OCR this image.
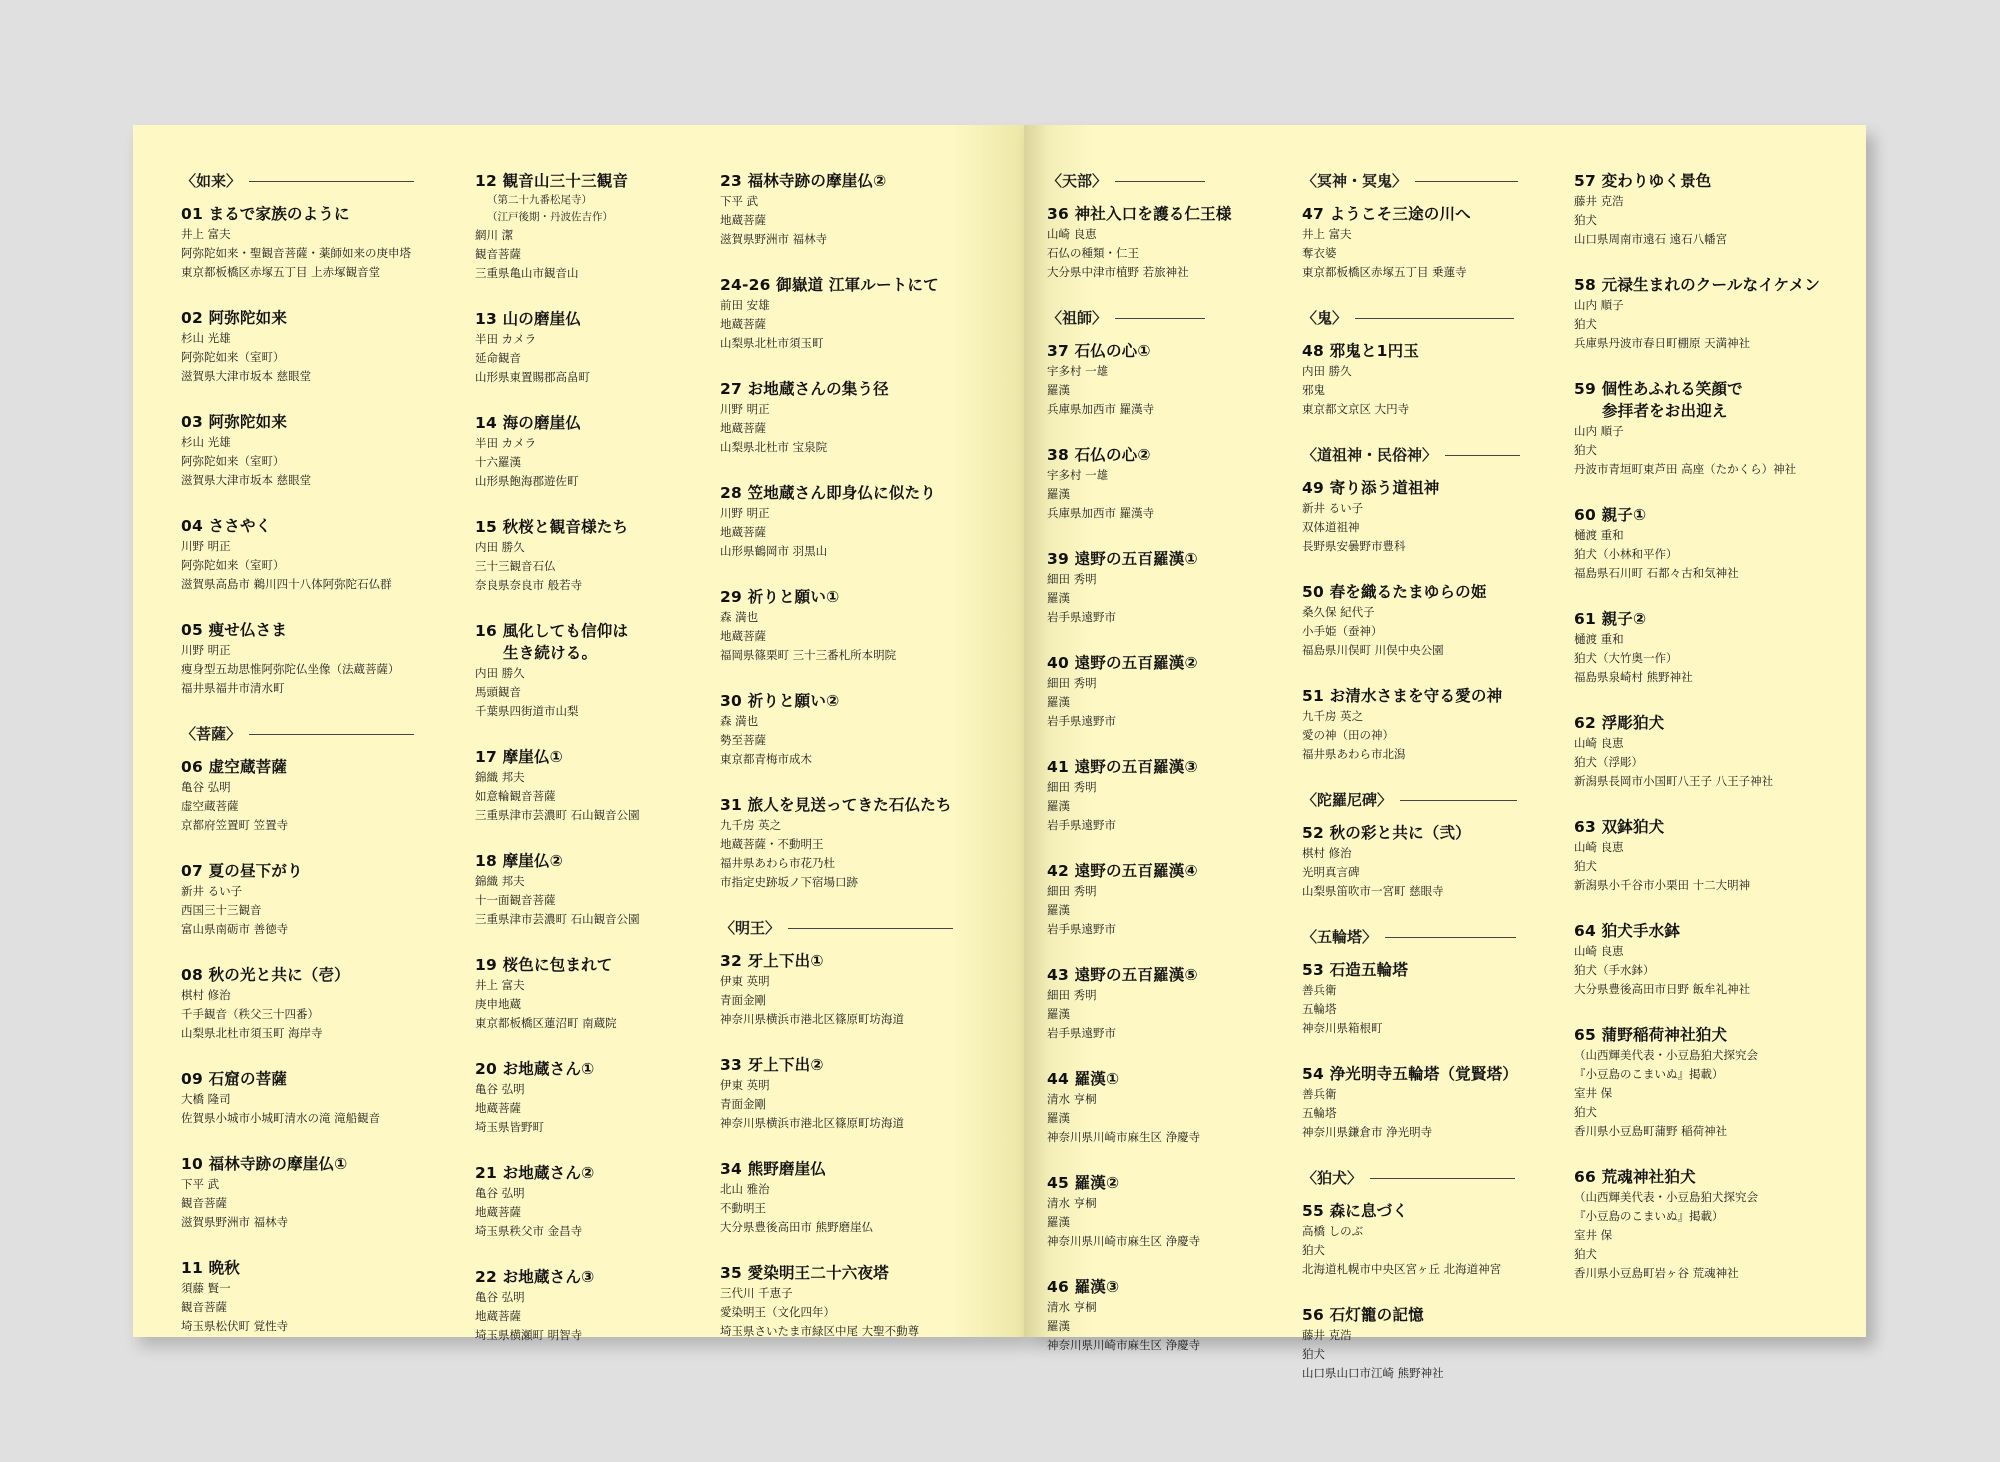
〈如来〉
01 まるで家族のように
井上 富夫
阿弥陀如来・聖観音菩薩・薬師如来の庚申塔
東京都板橋区赤塚五丁目 上赤塚観音堂
02 阿弥陀如来
杉山 光雄
阿弥陀如来（室町）
滋賀県大津市坂本 慈眼堂
03 阿弥陀如来
杉山 光雄
阿弥陀如来（室町）
滋賀県大津市坂本 慈眼堂
04 ささやく
川野 明正
阿弥陀如来（室町）
滋賀県高島市 鵜川四十八体阿弥陀石仏群
05 痩せ仏さま
川野 明正
痩身型五劫思惟阿弥陀仏坐像（法蔵菩薩）
福井県福井市清水町
〈菩薩〉
06 虚空蔵菩薩
亀谷 弘明
虚空蔵菩薩
京都府笠置町 笠置寺
07 夏の昼下がり
新井 るい子
西国三十三観音
富山県南砺市 善徳寺
08 秋の光と共に（壱）
棋村 修治
千手観音（秩父三十四番）
山梨県北杜市須玉町 海岸寺
09 石窟の菩薩
大橋 隆司
佐賀県小城市小城町清水の滝 滝船観音
10 福林寺跡の摩崖仏①
下平 武
観音菩薩
滋賀県野洲市 福林寺
11 晩秋
須藤 賢一
観音菩薩
埼玉県松伏町 覚性寺
12 観音山三十三観音
（第二十九番松尾寺）
（江戸後期・丹波佐吉作）
網川 潔
観音菩薩
三重県亀山市観音山
13 山の磨崖仏
半田 カメラ
延命観音
山形県東置賜郡高畠町
14 海の磨崖仏
半田 カメラ
十六羅漢
山形県飽海郡遊佐町
15 秋桜と観音様たち
内田 勝久
三十三観音石仏
奈良県奈良市 般若寺
16 風化しても信仰は
生き続ける。
内田 勝久
馬頭観音
千葉県四街道市山梨
17 摩崖仏①
錦織 邦夫
如意輪観音菩薩
三重県津市芸濃町 石山観音公園
18 摩崖仏②
錦織 邦夫
十一面観音菩薩
三重県津市芸濃町 石山観音公園
19 桜色に包まれて
井上 富夫
庚申地蔵
東京都板橋区蓮沼町 南蔵院
20 お地蔵さん①
亀谷 弘明
地蔵菩薩
埼玉県皆野町
21 お地蔵さん②
亀谷 弘明
地蔵菩薩
埼玉県秩父市 金昌寺
22 お地蔵さん③
亀谷 弘明
地蔵菩薩
埼玉県横瀬町 明智寺
23 福林寺跡の摩崖仏②
下平 武
地蔵菩薩
滋賀県野洲市 福林寺
24-26 御嶽道 江軍ルートにて
前田 安雄
地蔵菩薩
山梨県北杜市須玉町
27 お地蔵さんの集う径
川野 明正
地蔵菩薩
山梨県北杜市 宝泉院
28 笠地蔵さん即身仏に似たり
川野 明正
地蔵菩薩
山形県鶴岡市 羽黒山
29 祈りと願い①
森 満也
地蔵菩薩
福岡県篠栗町 三十三番札所本明院
30 祈りと願い②
森 満也
勢至菩薩
東京都青梅市成木
31 旅人を見送ってきた石仏たち
九千房 英之
地蔵菩薩・不動明王
福井県あわら市花乃杜
市指定史跡坂ノ下宿場口跡
〈明王〉
32 牙上下出①
伊東 英明
青面金剛
神奈川県横浜市港北区篠原町坊海道
33 牙上下出②
伊東 英明
青面金剛
神奈川県横浜市港北区篠原町坊海道
34 熊野磨崖仏
北山 雅治
不動明王
大分県豊後高田市 熊野磨崖仏
35 愛染明王二十六夜塔
三代川 千恵子
愛染明王（文化四年）
埼玉県さいたま市緑区中尾 大聖不動尊
〈天部〉
36 神社入口を護る仁王様
山崎 良恵
石仏の種類・仁王
大分県中津市植野 若旅神社
〈祖師〉
37 石仏の心①
宇多村 一雄
羅漢
兵庫県加西市 羅漢寺
38 石仏の心②
宇多村 一雄
羅漢
兵庫県加西市 羅漢寺
39 遠野の五百羅漢①
細田 秀明
羅漢
岩手県遠野市
40 遠野の五百羅漢②
細田 秀明
羅漢
岩手県遠野市
41 遠野の五百羅漢③
細田 秀明
羅漢
岩手県遠野市
42 遠野の五百羅漢④
細田 秀明
羅漢
岩手県遠野市
43 遠野の五百羅漢⑤
細田 秀明
羅漢
岩手県遠野市
44 羅漢①
清水 亨桐
羅漢
神奈川県川崎市麻生区 浄慶寺
45 羅漢②
清水 亨桐
羅漢
神奈川県川崎市麻生区 浄慶寺
46 羅漢③
清水 亨桐
羅漢
神奈川県川崎市麻生区 浄慶寺
〈冥神・冥鬼〉
47 ようこそ三途の川へ
井上 富夫
奪衣婆
東京都板橋区赤塚五丁目 乗蓮寺
〈鬼〉
48 邪鬼と1円玉
内田 勝久
邪鬼
東京都文京区 大円寺
〈道祖神・民俗神〉
49 寄り添う道祖神
新井 るい子
双体道祖神
長野県安曇野市豊科
50 春を織るたまゆらの姫
桑久保 紀代子
小手姫（蚕神）
福島県川俣町 川俣中央公園
51 お清水さまを守る愛の神
九千房 英之
愛の神（田の神）
福井県あわら市北潟
〈陀羅尼碑〉
52 秋の彩と共に（弐）
棋村 修治
光明真言碑
山梨県笛吹市一宮町 慈眼寺
〈五輪塔〉
53 石造五輪塔
善兵衛
五輪塔
神奈川県箱根町
54 浄光明寺五輪塔（覚賢塔）
善兵衛
五輪塔
神奈川県鎌倉市 浄光明寺
〈狛犬〉
55 森に息づく
高橋 しのぶ
狛犬
北海道札幌市中央区宮ヶ丘 北海道神宮
56 石灯籠の記憶
藤井 克浩
狛犬
山口県山口市江崎 熊野神社
57 変わりゆく景色
藤井 克浩
狛犬
山口県周南市遠石 遠石八幡宮
58 元禄生まれのクールなイケメン
山内 順子
狛犬
兵庫県丹波市春日町棚原 天満神社
59 個性あふれる笑顔で
参拝者をお出迎え
山内 順子
狛犬
丹波市青垣町東芦田 高座（たかくら）神社
60 親子①
樋渡 重和
狛犬（小林和平作）
福島県石川町 石都々古和気神社
61 親子②
樋渡 重和
狛犬（大竹奥一作）
福島県泉崎村 熊野神社
62 浮彫狛犬
山崎 良恵
狛犬（浮彫）
新潟県長岡市小国町八王子 八王子神社
63 双鉢狛犬
山崎 良恵
狛犬
新潟県小千谷市小栗田 十二大明神
64 狛犬手水鉢
山崎 良恵
狛犬（手水鉢）
大分県豊後高田市日野 飯牟礼神社
65 蒲野稲荷神社狛犬
（山西輝美代表・小豆島狛犬探究会
『小豆島のこまいぬ』掲載）
室井 保
狛犬
香川県小豆島町蒲野 稲荷神社
66 荒魂神社狛犬
（山西輝美代表・小豆島狛犬探究会
『小豆島のこまいぬ』掲載）
室井 保
狛犬
香川県小豆島町岩ヶ谷 荒魂神社
